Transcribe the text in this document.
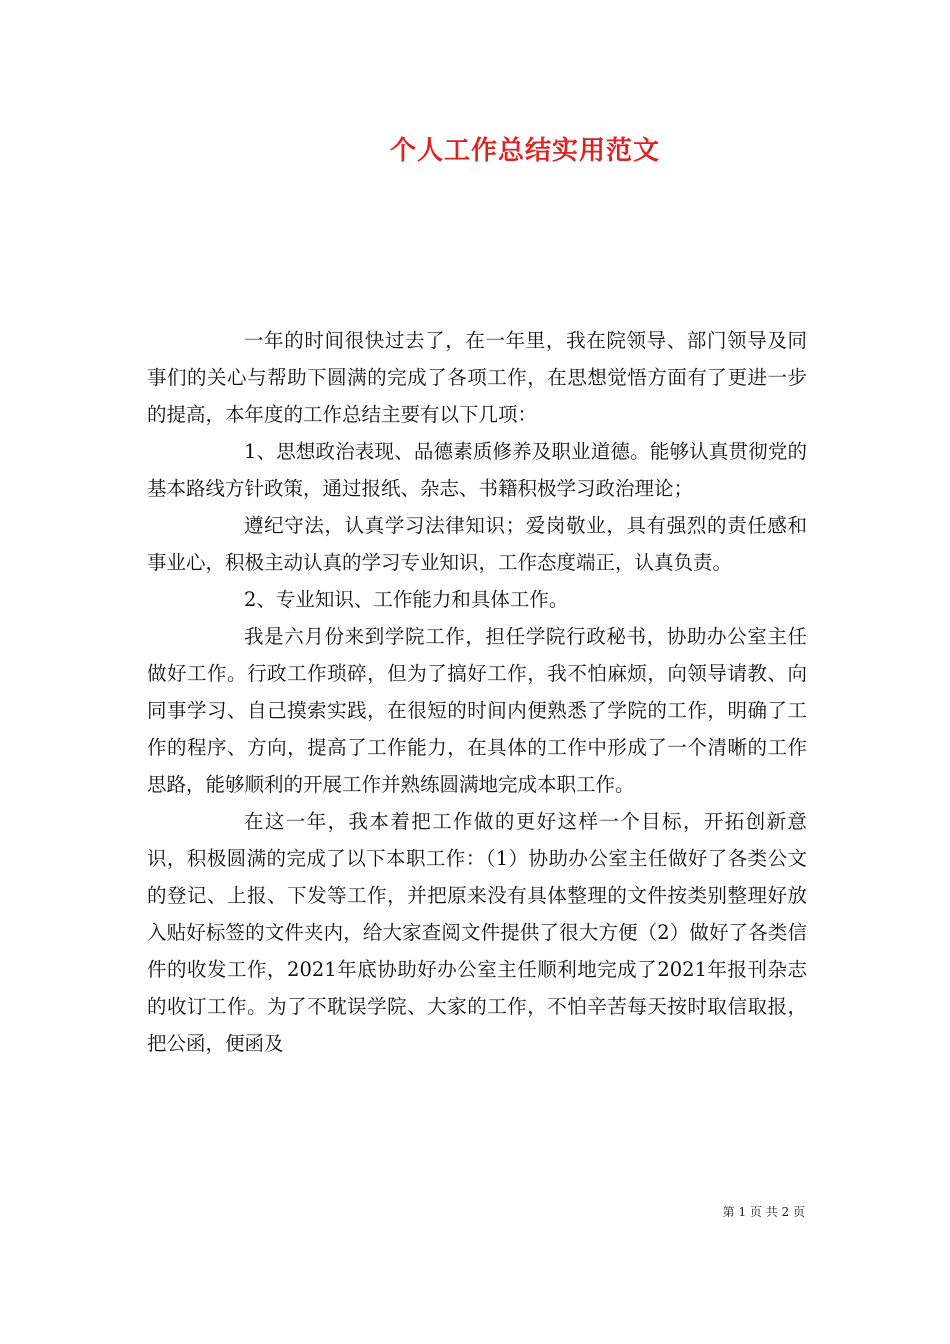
个人工作总结实用范文

一年的时间很快过去了，在一年里，我在院领导、部门领导及同事们的关心与帮助下圆满的完成了各项工作，在思想觉悟方面有了更进一步的提高，本年度的工作总结主要有以下几项：

1、思想政治表现、品德素质修养及职业道德。能够认真贯彻党的基本路线方针政策，通过报纸、杂志、书籍积极学习政治理论；

遵纪守法，认真学习法律知识；爱岗敬业，具有强烈的责任感和事业心，积极主动认真的学习专业知识，工作态度端正，认真负责。

2、专业知识、工作能力和具体工作。

我是六月份来到学院工作，担任学院行政秘书，协助办公室主任做好工作。行政工作琐碎，但为了搞好工作，我不怕麻烦，向领导请教、向同事学习、自己摸索实践，在很短的时间内便熟悉了学院的工作，明确了工作的程序、方向，提高了工作能力，在具体的工作中形成了一个清晰的工作思路，能够顺利的开展工作并熟练圆满地完成本职工作。

在这一年，我本着把工作做的更好这样一个目标，开拓创新意识，积极圆满的完成了以下本职工作：（1）协助办公室主任做好了各类公文的登记、上报、下发等工作，并把原来没有具体整理的文件按类别整理好放入贴好标签的文件夹内，给大家查阅文件提供了很大方便（2）做好了各类信件的收发工作，2021年底协助好办公室主任顺利地完成了2021年报刊杂志的收订工作。为了不耽误学院、大家的工作，不怕辛苦每天按时取信取报，把公函，便函及

第 1 页 共 2 页
